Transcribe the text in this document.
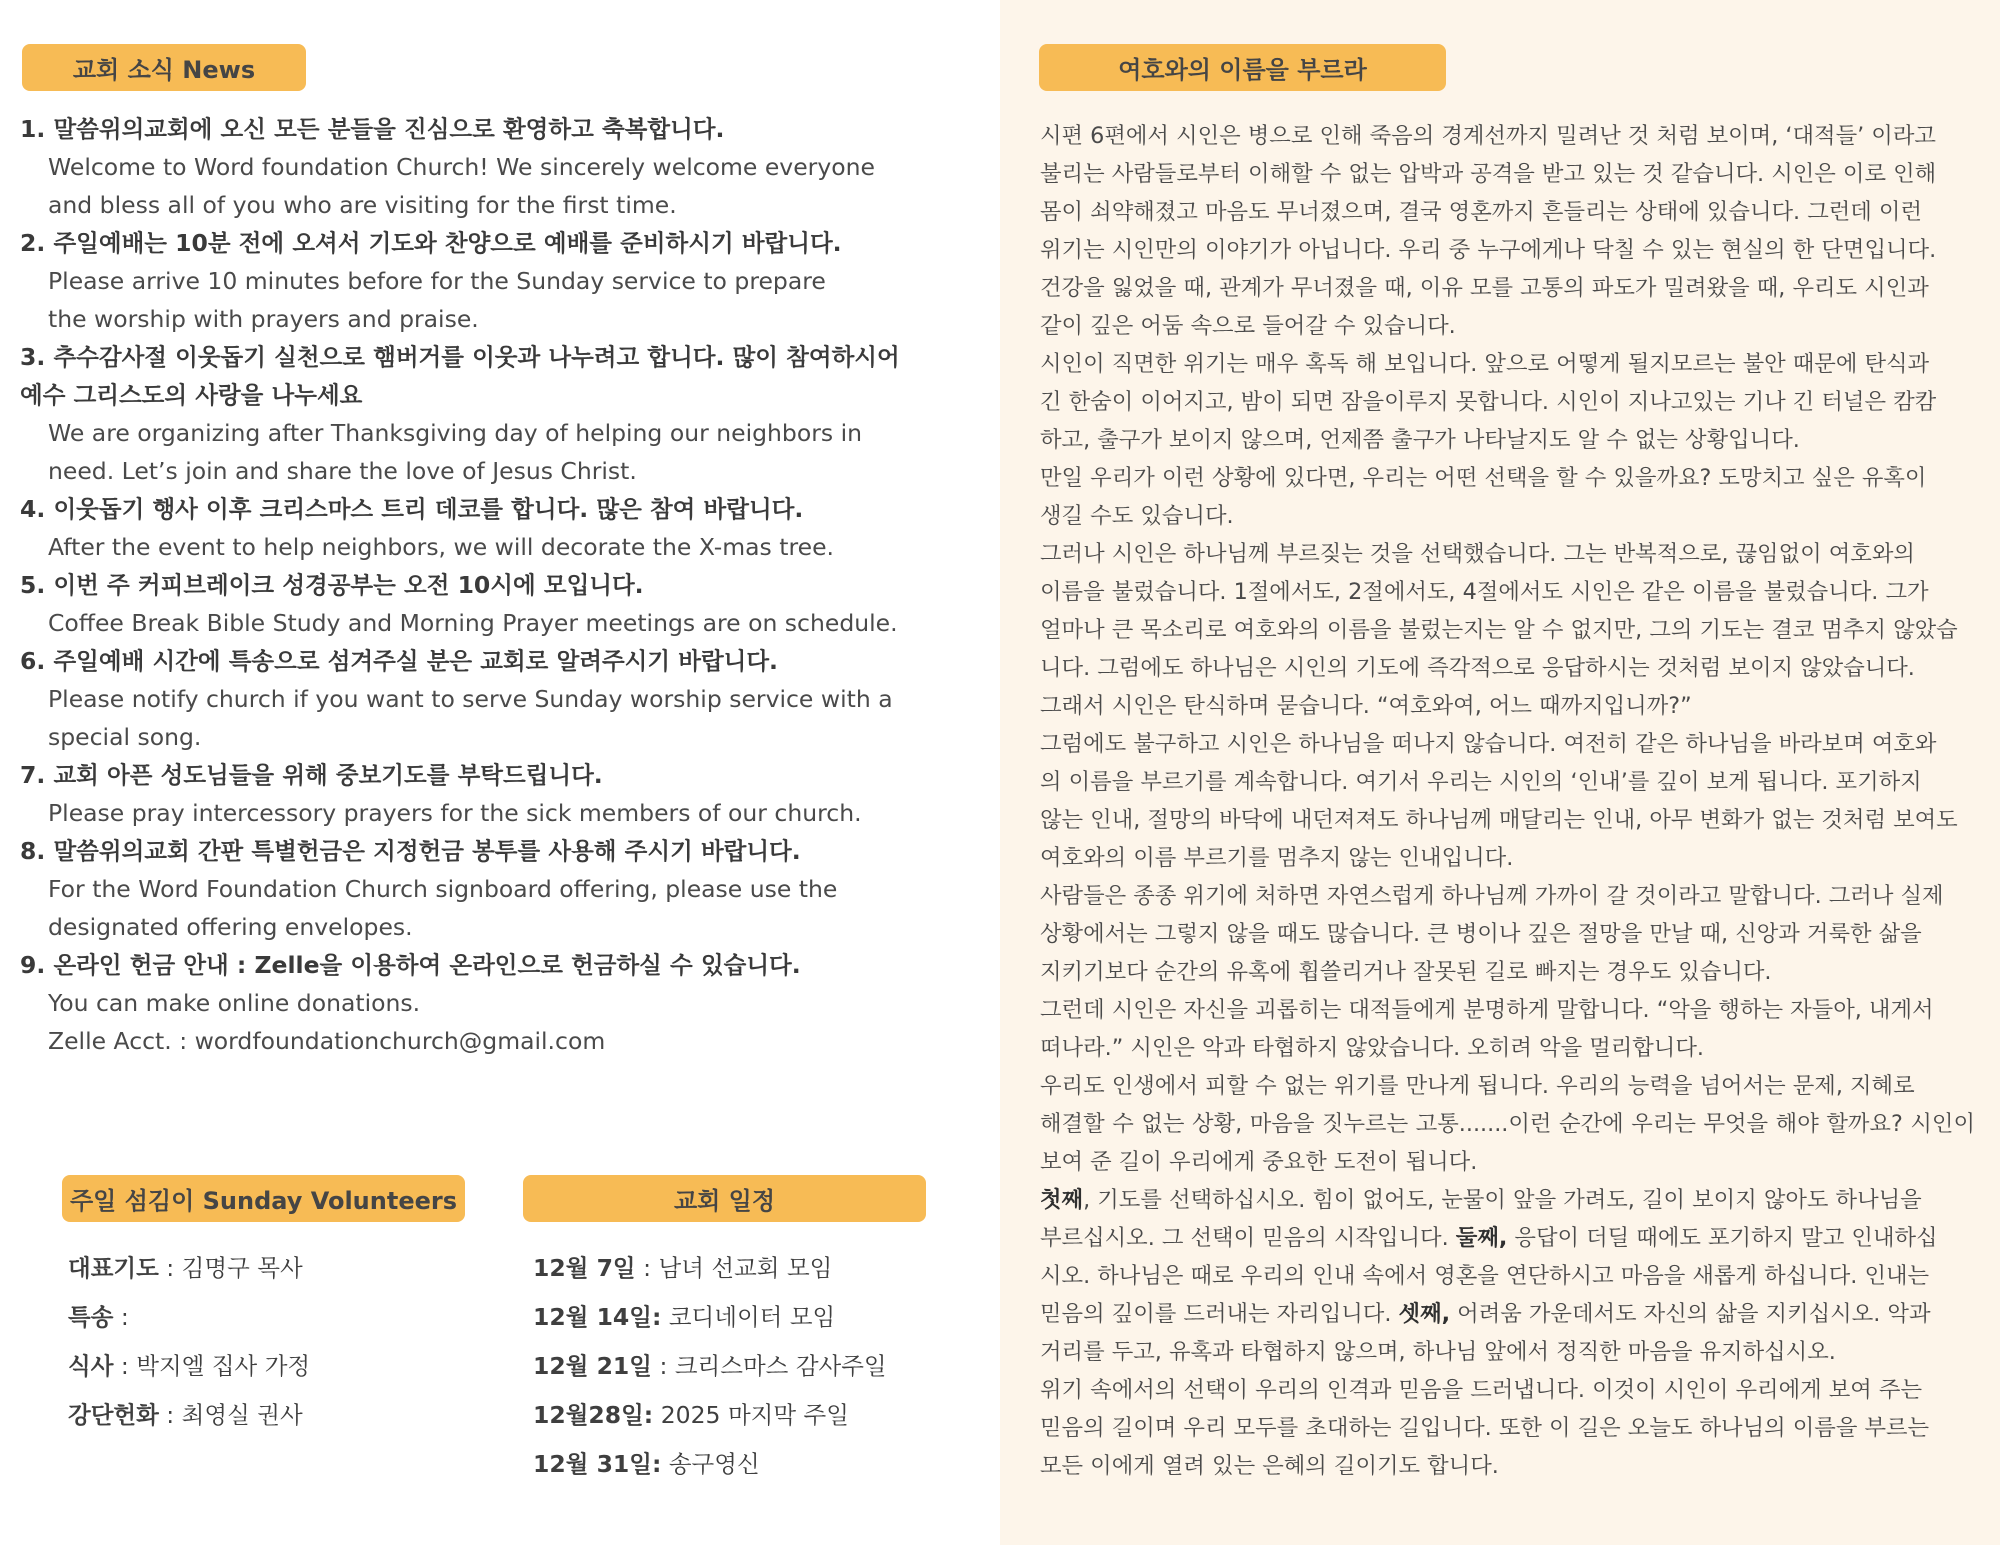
교회 소식 News
1. 말씀위의교회에 오신 모든 분들을 진심으로 환영하고 축복합니다.
Welcome to Word foundation Church! We sincerely welcome everyone
and bless all of you who are visiting for the first time.
2. 주일예배는 10분 전에 오셔서 기도와 찬양으로 예배를 준비하시기 바랍니다.
Please arrive 10 minutes before for the Sunday service to prepare
the worship with prayers and praise.
3. 추수감사절 이웃돕기 실천으로 햄버거를 이웃과 나누려고 합니다. 많이 참여하시어
예수 그리스도의 사랑을 나누세요
We are organizing after Thanksgiving day of helping our neighbors in
need. Let’s join and share the love of Jesus Christ.
4. 이웃돕기 행사 이후 크리스마스 트리 데코를 합니다. 많은 참여 바랍니다.
After the event to help neighbors, we will decorate the X-mas tree.
5. 이번 주 커피브레이크 성경공부는 오전 10시에 모입니다.
Coffee Break Bible Study and Morning Prayer meetings are on schedule.
6. 주일예배 시간에 특송으로 섬겨주실 분은 교회로 알려주시기 바랍니다.
Please notify church if you want to serve Sunday worship service with a
special song.
7. 교회 아픈 성도님들을 위해 중보기도를 부탁드립니다.
Please pray intercessory prayers for the sick members of our church.
8. 말씀위의교회 간판 특별헌금은 지정헌금 봉투를 사용해 주시기 바랍니다.
For the Word Foundation Church signboard offering, please use the
designated offering envelopes.
9. 온라인 헌금 안내 : Zelle을 이용하여 온라인으로 헌금하실 수 있습니다.
You can make online donations.
Zelle Acct. : wordfoundationchurch@gmail.com
주일 섬김이 Sunday Volunteers
대표기도 : 김명구 목사
특송 :
식사 : 박지엘 집사 가정
강단헌화 : 최영실 권사
교회 일정
12월 7일 : 남녀 선교회 모임
12월 14일: 코디네이터 모임
12월 21일 : 크리스마스 감사주일
12월28일: 2025 마지막 주일
12월 31일: 송구영신
여호와의 이름을 부르라
시편 6편에서 시인은 병으로 인해 죽음의 경계선까지 밀려난 것 처럼 보이며, ‘대적들’ 이라고
불리는 사람들로부터 이해할 수 없는 압박과 공격을 받고 있는 것 같습니다. 시인은 이로 인해
몸이 쇠약해졌고 마음도 무너졌으며, 결국 영혼까지 흔들리는 상태에 있습니다. 그런데 이런
위기는 시인만의 이야기가 아닙니다. 우리 중 누구에게나 닥칠 수 있는 현실의 한 단면입니다.
건강을 잃었을 때, 관계가 무너졌을 때, 이유 모를 고통의 파도가 밀려왔을 때, 우리도 시인과
같이 깊은 어둠 속으로 들어갈 수 있습니다.
시인이 직면한 위기는 매우 혹독 해 보입니다. 앞으로 어떻게 될지모르는 불안 때문에 탄식과
긴 한숨이 이어지고, 밤이 되면 잠을이루지 못합니다. 시인이 지나고있는 기나 긴 터널은 캄캄
하고, 출구가 보이지 않으며, 언제쯤 출구가 나타날지도 알 수 없는 상황입니다.
만일 우리가 이런 상황에 있다면, 우리는 어떤 선택을 할 수 있을까요? 도망치고 싶은 유혹이
생길 수도 있습니다.
그러나 시인은 하나님께 부르짖는 것을 선택했습니다. 그는 반복적으로, 끊임없이 여호와의
이름을 불렀습니다. 1절에서도, 2절에서도, 4절에서도 시인은 같은 이름을 불렀습니다. 그가
얼마나 큰 목소리로 여호와의 이름을 불렀는지는 알 수 없지만, 그의 기도는 결코 멈추지 않았습
니다. 그럼에도 하나님은 시인의 기도에 즉각적으로 응답하시는 것처럼 보이지 않았습니다.
그래서 시인은 탄식하며 묻습니다. “여호와여, 어느 때까지입니까?”
그럼에도 불구하고 시인은 하나님을 떠나지 않습니다. 여전히 같은 하나님을 바라보며 여호와
의 이름을 부르기를 계속합니다. 여기서 우리는 시인의 ‘인내’를 깊이 보게 됩니다. 포기하지
않는 인내, 절망의 바닥에 내던져져도 하나님께 매달리는 인내, 아무 변화가 없는 것처럼 보여도
여호와의 이름 부르기를 멈추지 않는 인내입니다.
사람들은 종종 위기에 처하면 자연스럽게 하나님께 가까이 갈 것이라고 말합니다. 그러나 실제
상황에서는 그렇지 않을 때도 많습니다. 큰 병이나 깊은 절망을 만날 때, 신앙과 거룩한 삶을
지키기보다 순간의 유혹에 휩쓸리거나 잘못된 길로 빠지는 경우도 있습니다.
그런데 시인은 자신을 괴롭히는 대적들에게 분명하게 말합니다. “악을 행하는 자들아, 내게서
떠나라.” 시인은 악과 타협하지 않았습니다. 오히려 악을 멀리합니다.
우리도 인생에서 피할 수 없는 위기를 만나게 됩니다. 우리의 능력을 넘어서는 문제, 지혜로
해결할 수 없는 상황, 마음을 짓누르는 고통.......이런 순간에 우리는 무엇을 해야 할까요? 시인이
보여 준 길이 우리에게 중요한 도전이 됩니다.
첫째, 기도를 선택하십시오. 힘이 없어도, 눈물이 앞을 가려도, 길이 보이지 않아도 하나님을
부르십시오. 그 선택이 믿음의 시작입니다. 둘째, 응답이 더딜 때에도 포기하지 말고 인내하십
시오. 하나님은 때로 우리의 인내 속에서 영혼을 연단하시고 마음을 새롭게 하십니다. 인내는
믿음의 깊이를 드러내는 자리입니다. 셋째, 어려움 가운데서도 자신의 삶을 지키십시오. 악과
거리를 두고, 유혹과 타협하지 않으며, 하나님 앞에서 정직한 마음을 유지하십시오.
위기 속에서의 선택이 우리의 인격과 믿음을 드러냅니다. 이것이 시인이 우리에게 보여 주는
믿음의 길이며 우리 모두를 초대하는 길입니다. 또한 이 길은 오늘도 하나님의 이름을 부르는
모든 이에게 열려 있는 은혜의 길이기도 합니다.
